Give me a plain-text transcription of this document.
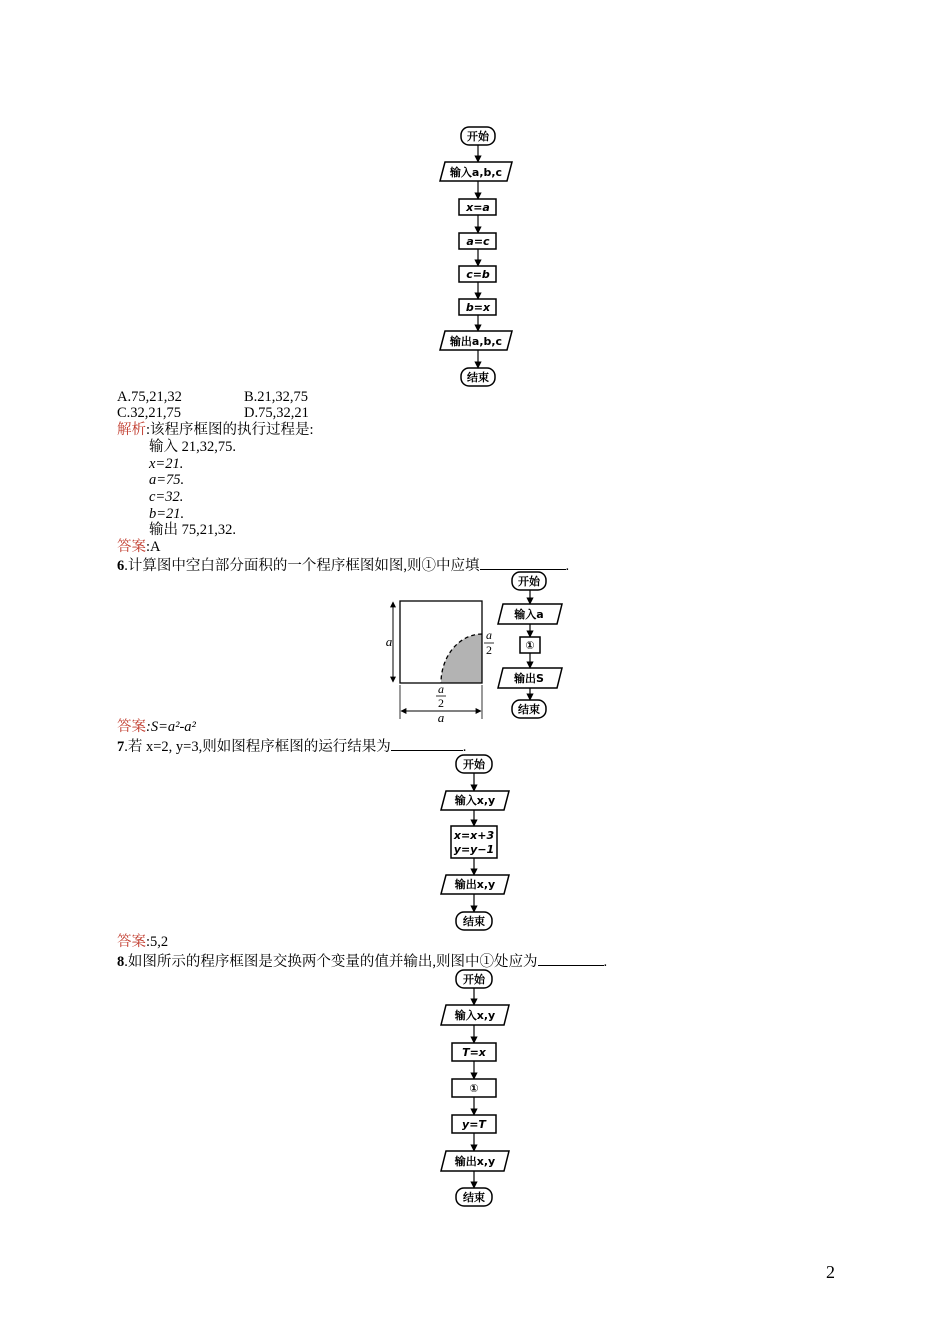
开始
输入a,b,c
x=a
a=c
c=b
b=x
输出a,b,c
结束
A.75,21,32	B.21,32,75
C.32,21,75	D.75,32,21
解析:该程序框图的执行过程是:
输入 21,32,75.
x=21.
a=75.
c=32.
b=21.
输出 75,21,32.
答案:A
6.计算图中空白部分面积的一个程序框图如图,则①中应填	.
a	a
2
a
2
a
开始
输入a
①
输出S
结束
答案:S=a²-a²
7.若 x=2, y=3,则如图程序框图的运行结果为	.
开始
输入x,y
x=x+3
y=y−1
输出x,y
结束
答案:5,2
8.如图所示的程序框图是交换两个变量的值并输出,则图中①处应为	.
开始
输入x,y
T=x
①
y=T
输出x,y
结束
2
